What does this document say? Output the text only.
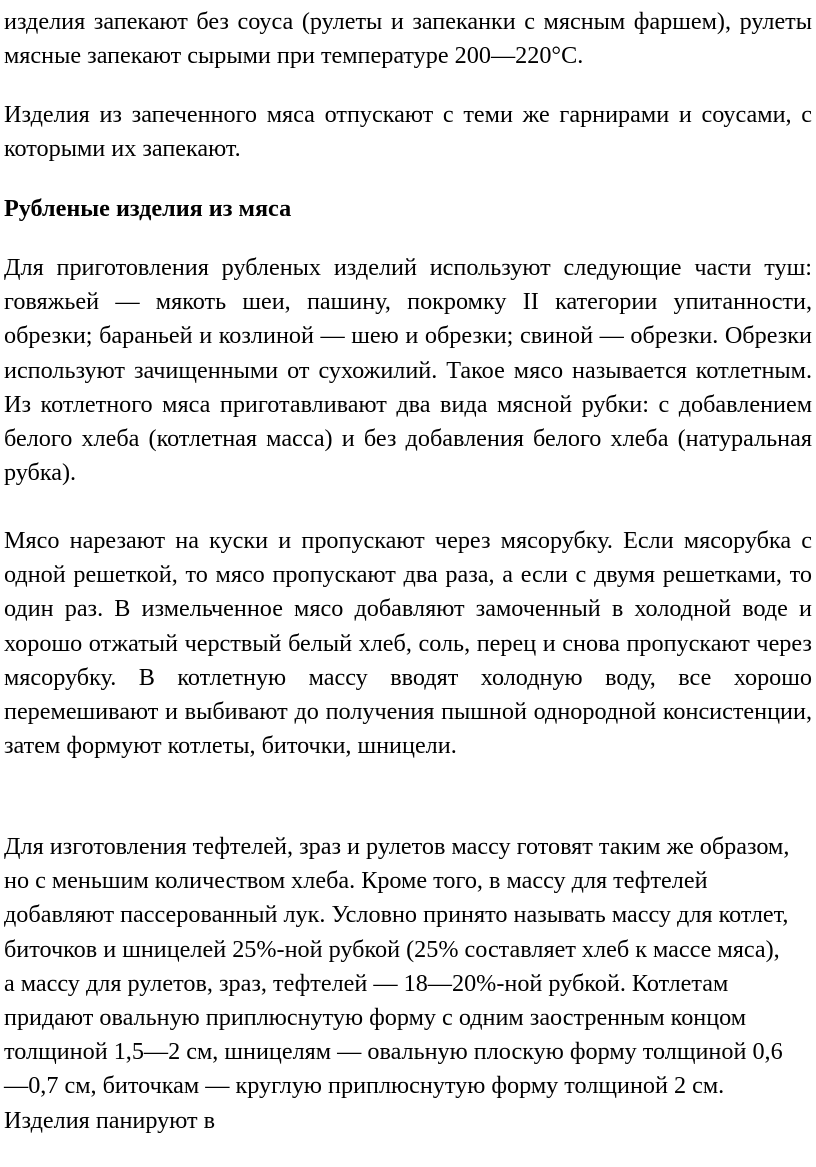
изделия запекают без соуса (рулеты и запеканки с мясным фаршем), рулеты мясные запекают сырыми при температуре 200—220°С.

Изделия из запеченного мяса отпускают с теми же гарнирами и соусами, с которыми их запекают.

Рубленые изделия из мяса

Для приготовления рубленых изделий используют следующие части туш: говяжьей — мякоть шеи, пашину, покромку II категории упитанности, обрезки; бараньей и козлиной — шею и обрезки; свиной — обрезки. Обрезки используют зачищенными от сухожилий. Такое мясо называется котлетным. Из котлетного мяса приготавливают два вида мясной рубки: с добавлением белого хлеба (котлетная масса) и без добавления белого хлеба (натуральная рубка).

Мясо нарезают на куски и пропускают через мясорубку. Если мясорубка с одной решеткой, то мясо пропускают два раза, а если с двумя решетками, то один раз. В измельченное мясо добавляют замоченный в холодной воде и хорошо отжатый черствый белый хлеб, соль, перец и снова пропускают через мясорубку. В котлетную массу вводят холодную воду, все хорошо перемешивают и выбивают до получения пышной однородной консистенции, затем формуют котлеты, биточки, шницели.

Для изготовления тефтелей, зраз и рулетов массу готовят таким же образом, но с меньшим количеством хлеба. Кроме того, в массу для тефтелей добавляют пассерованный лук. Условно принято называть массу для котлет, биточков и шницелей 25%-ной рубкой (25% составляет хлеб к массе мяса), а массу для рулетов, зраз, тефтелей — 18—20%-ной рубкой. Котлетам придают овальную приплюснутую форму с одним заостренным концом толщиной 1,5—2 см, шницелям — овальную плоскую форму толщиной 0,6—0,7 см, биточкам — круглую приплюснутую форму толщиной 2 см. Изделия панируют в
